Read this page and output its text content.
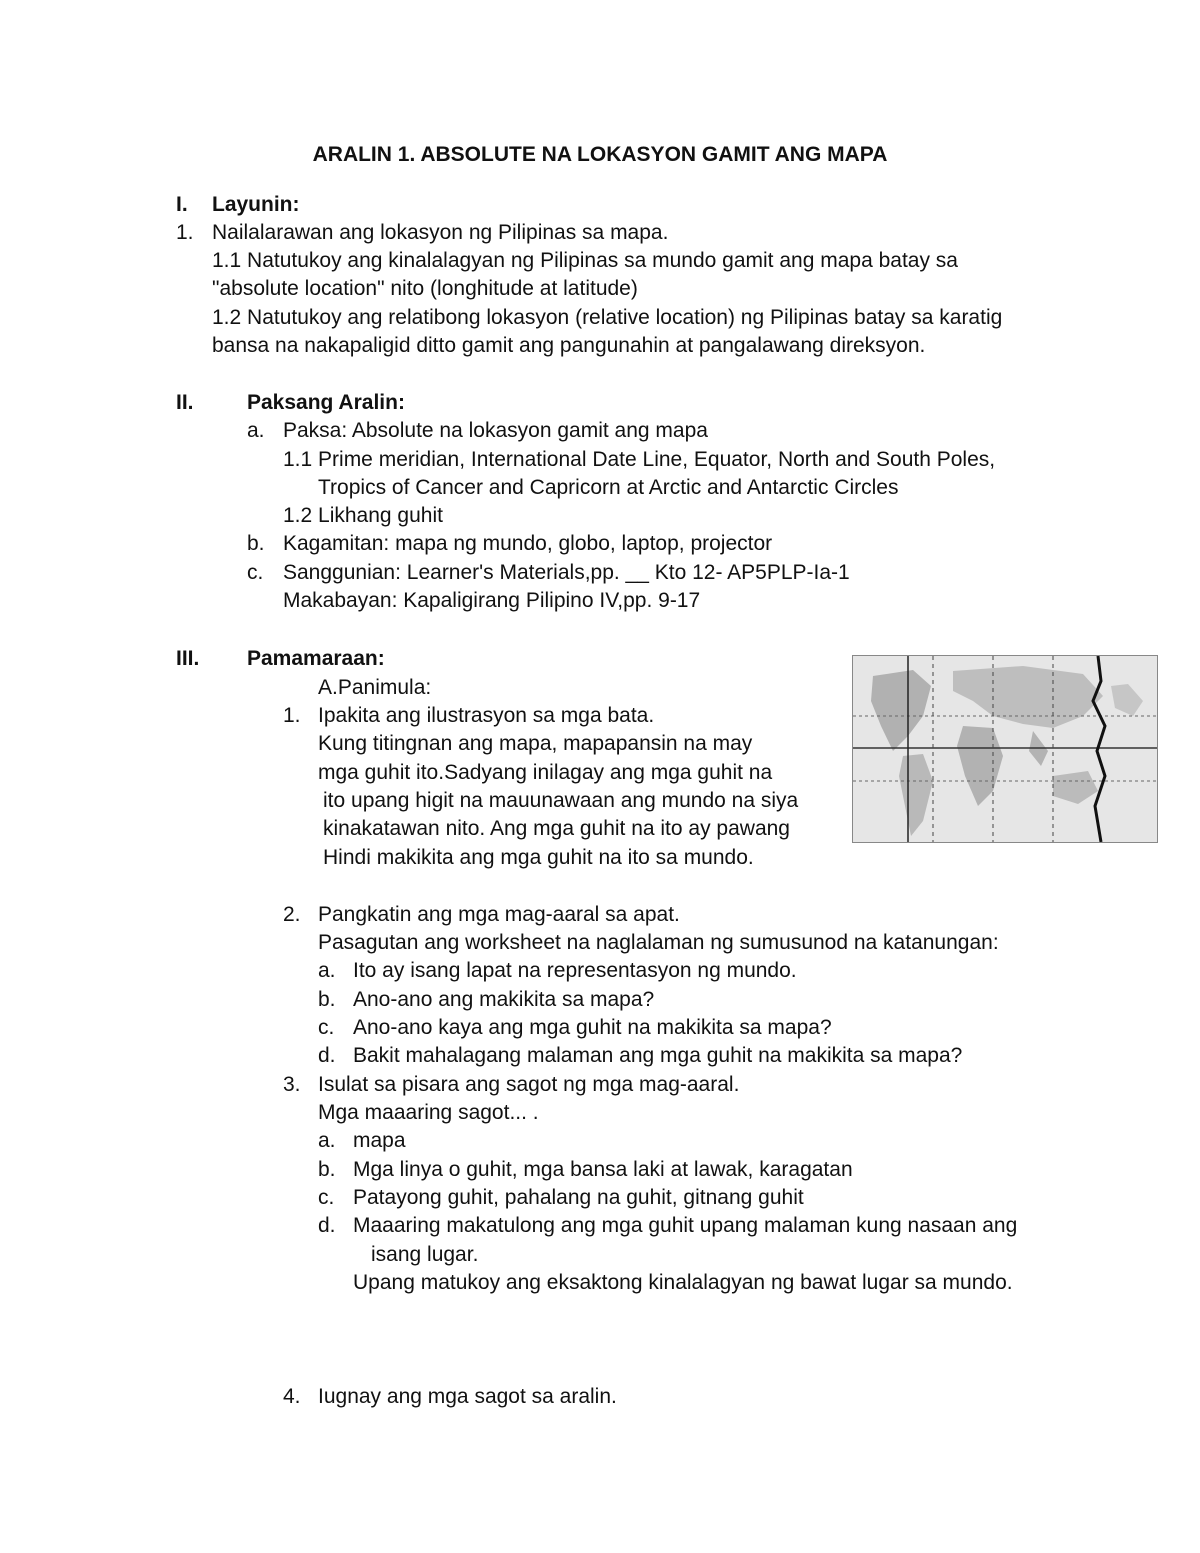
ARALIN 1. ABSOLUTE NA LOKASYON GAMIT ANG MAPA
I. Layunin:
1. Nailalarawan ang lokasyon ng Pilipinas sa mapa.
1.1 Natutukoy ang kinalalagyan ng Pilipinas sa mundo gamit ang mapa batay sa
"absolute location" nito (longhitude at latitude)
1.2 Natutukoy ang relatibong lokasyon (relative location) ng Pilipinas batay sa karatig
bansa na nakapaligid ditto gamit ang pangunahin at pangalawang direksyon.
II.	Paksang Aralin:
a. Paksa: Absolute na lokasyon gamit ang mapa
1.1 Prime meridian, International Date Line, Equator, North and South Poles,
Tropics of Cancer and Capricorn at Arctic and Antarctic Circles
1.2 Likhang guhit
b. Kagamitan: mapa ng mundo, globo, laptop, projector
c. Sanggunian: Learner's Materials,pp. __ Kto 12- AP5PLP-Ia-1
Makabayan: Kapaligirang Pilipino IV,pp. 9-17
III. Pamamaraan:
A.Panimula:
1. Ipakita ang ilustrasyon sa mga bata.
Kung titingnan ang mapa, mapapansin na may
mga guhit ito.Sadyang inilagay ang mga guhit na
ito upang higit na mauunawaan ang mundo na siya
kinakatawan nito. Ang mga guhit na ito ay pawang
Hindi makikita ang mga guhit na ito sa mundo.
2. Pangkatin ang mga mag-aaral sa apat.
Pasagutan ang worksheet na naglalaman ng sumusunod na katanungan:
a. Ito ay isang lapat na representasyon ng mundo.
b. Ano-ano ang makikita sa mapa?
c. Ano-ano kaya ang mga guhit na makikita sa mapa?
d. Bakit mahalagang malaman ang mga guhit na makikita sa mapa?
3. Isulat sa pisara ang sagot ng mga mag-aaral.
Mga maaaring sagot... .
a. mapa
b. Mga linya o guhit, mga bansa laki at lawak, karagatan
c. Patayong guhit, pahalang na guhit, gitnang guhit
d. Maaaring makatulong ang mga guhit upang malaman kung nasaan ang
isang lugar.
Upang matukoy ang eksaktong kinalalagyan ng bawat lugar sa mundo.
4. Iugnay ang mga sagot sa aralin.
